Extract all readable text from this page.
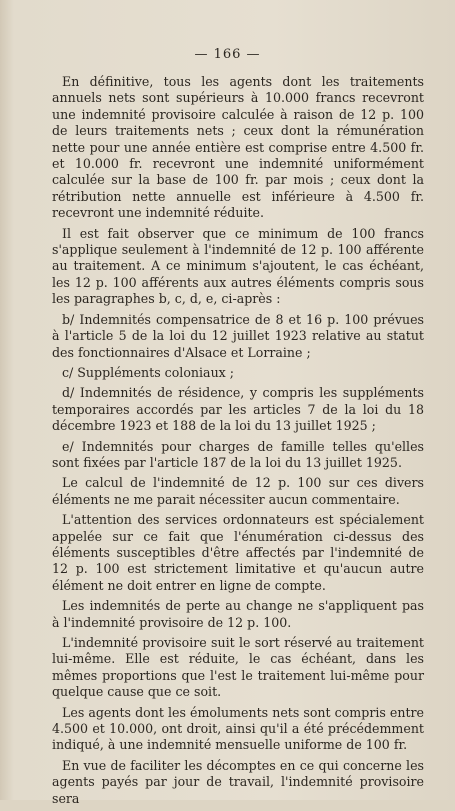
— 166 —

En définitive, tous les agents dont les traitements annuels nets sont supérieurs à 10.000 francs recevront une indemnité provisoire calculée à raison de 12 p. 100 de leurs traitements nets ; ceux dont la rémunération nette pour une année entière est comprise entre 4.500 fr. et 10.000 fr. recevront une indemnité uniformément calculée sur la base de 100 fr. par mois ; ceux dont la rétribution nette annuelle est inférieure à 4.500 fr. recevront une indemnité réduite.

Il est fait observer que ce minimum de 100 francs s'applique seulement à l'indemnité de 12 p. 100 afférente au traitement. A ce minimum s'ajoutent, le cas échéant, les 12 p. 100 afférents aux autres éléments compris sous les paragraphes b, c, d, e, ci-après :

b/ Indemnités compensatrice de 8 et 16 p. 100 prévues à l'article 5 de la loi du 12 juillet 1923 relative au statut des fonctionnaires d'Alsace et Lorraine ;

c/ Suppléments coloniaux ;

d/ Indemnités de résidence, y compris les suppléments temporaires accordés par les articles 7 de la loi du 18 décembre 1923 et 188 de la loi du 13 juillet 1925 ;

e/ Indemnités pour charges de famille telles qu'elles sont fixées par l'article 187 de la loi du 13 juillet 1925.

Le calcul de l'indemnité de 12 p. 100 sur ces divers éléments ne me parait nécessiter aucun commentaire.

L'attention des services ordonnateurs est spécialement appelée sur ce fait que l'énumération ci-dessus des éléments susceptibles d'être affectés par l'indemnité de 12 p. 100 est strictement limitative et qu'aucun autre élément ne doit entrer en ligne de compte.

Les indemnités de perte au change ne s'appliquent pas à l'indemnité provisoire de 12 p. 100.

L'indemnité provisoire suit le sort réservé au traitement lui-même. Elle est réduite, le cas échéant, dans les mêmes proportions que l'est le traitement lui-même pour quelque cause que ce soit.

Les agents dont les émoluments nets sont compris entre 4.500 et 10.000, ont droit, ainsi qu'il a été précédemment indiqué, à une indemnité mensuelle uniforme de 100 fr.

En vue de faciliter les décomptes en ce qui concerne les agents payés par jour de travail, l'indemnité provisoire sera
